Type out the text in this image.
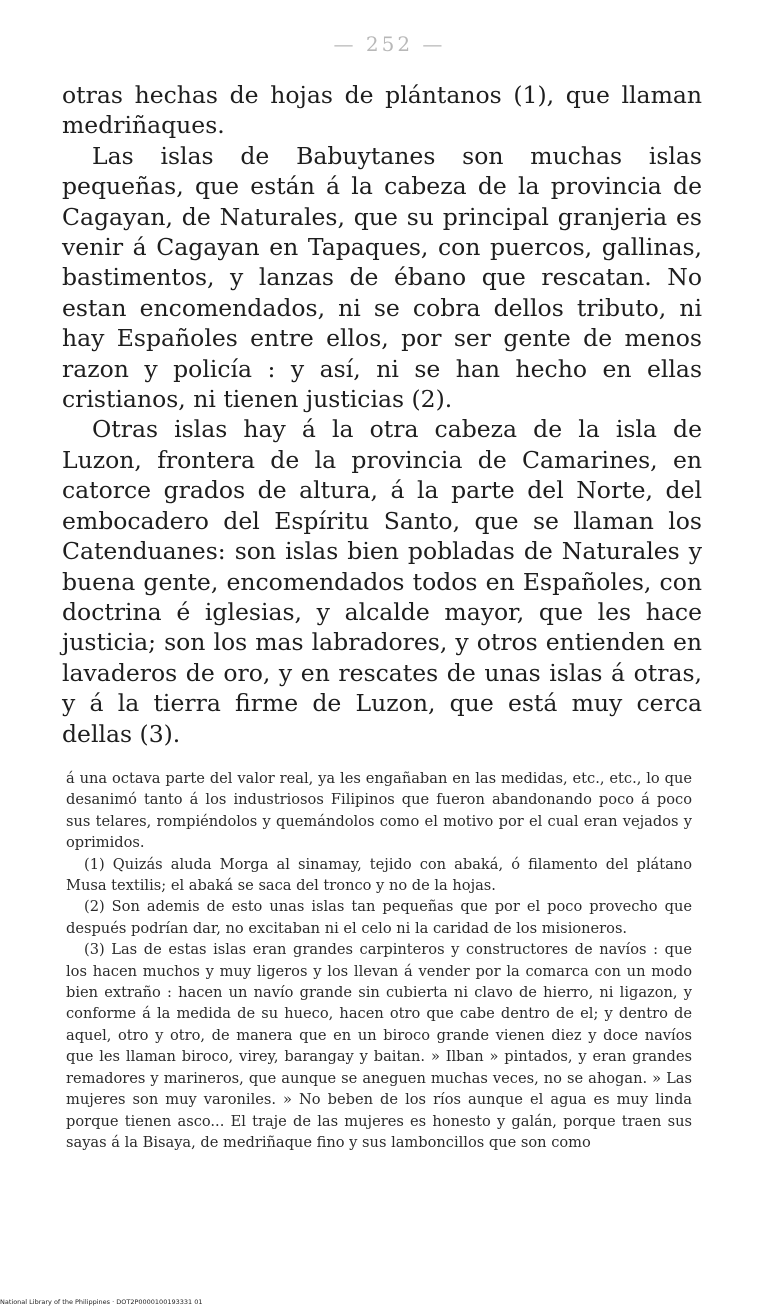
— 252 —

otras hechas de hojas de plántanos (1), que llaman medriñaques.

Las islas de Babuytanes son muchas islas pequeñas, que están á la cabeza de la provincia de Cagayan, de Naturales, que su principal granjeria es venir á Cagayan en Tapaques, con puercos, gallinas, bastimentos, y lanzas de ébano que rescatan. No estan encomendados, ni se cobra dellos tributo, ni hay Españoles entre ellos, por ser gente de menos razon y policía : y así, ni se han hecho en ellas cristianos, ni tienen justicias (2).

Otras islas hay á la otra cabeza de la isla de Luzon, frontera de la provincia de Camarines, en catorce grados de altura, á la parte del Norte, del embocadero del Espíritu Santo, que se llaman los Catenduanes: son islas bien pobladas de Naturales y buena gente, encomendados todos en Españoles, con doctrina é iglesias, y alcalde mayor, que les hace justicia; son los mas labradores, y otros entienden en lavaderos de oro, y en rescates de unas islas á otras, y á la tierra firme de Luzon, que está muy cerca dellas (3).

á una octava parte del valor real, ya les engañaban en las medidas, etc., etc., lo que desanimó tanto á los industriosos Filipinos que fueron abandonando poco á poco sus telares, rompiéndolos y quemándolos como el motivo por el cual eran vejados y oprimidos.

(1) Quizás aluda Morga al sinamay, tejido con abaká, ó filamento del plátano Musa textilis; el abaká se saca del tronco y no de la hojas.

(2) Son ademis de esto unas islas tan pequeñas que por el poco provecho que después podrían dar, no excitaban ni el celo ni la caridad de los misioneros.

(3) Las de estas islas eran grandes carpinteros y constructores de navíos : que los hacen muchos y muy ligeros y los llevan á vender por la comarca con un modo bien extraño : hacen un navío grande sin cubierta ni clavo de hierro, ni ligazon, y conforme á la medida de su hueco, hacen otro que cabe dentro de el; y dentro de aquel, otro y otro, de manera que en un biroco grande vienen diez y doce navíos que les llaman biroco, virey, barangay y baitan. » Ilban » pintados, y eran grandes remadores y marineros, que aunque se aneguen muchas veces, no se ahogan. » Las mujeres son muy varoniles. » No beben de los ríos aunque el agua es muy linda porque tienen asco... El traje de las mujeres es honesto y galán, porque traen sus sayas á la Bisaya, de medriñaque fino y sus lamboncillos que son como

National Library of the Philippines · DOT2P0000100193331 01
